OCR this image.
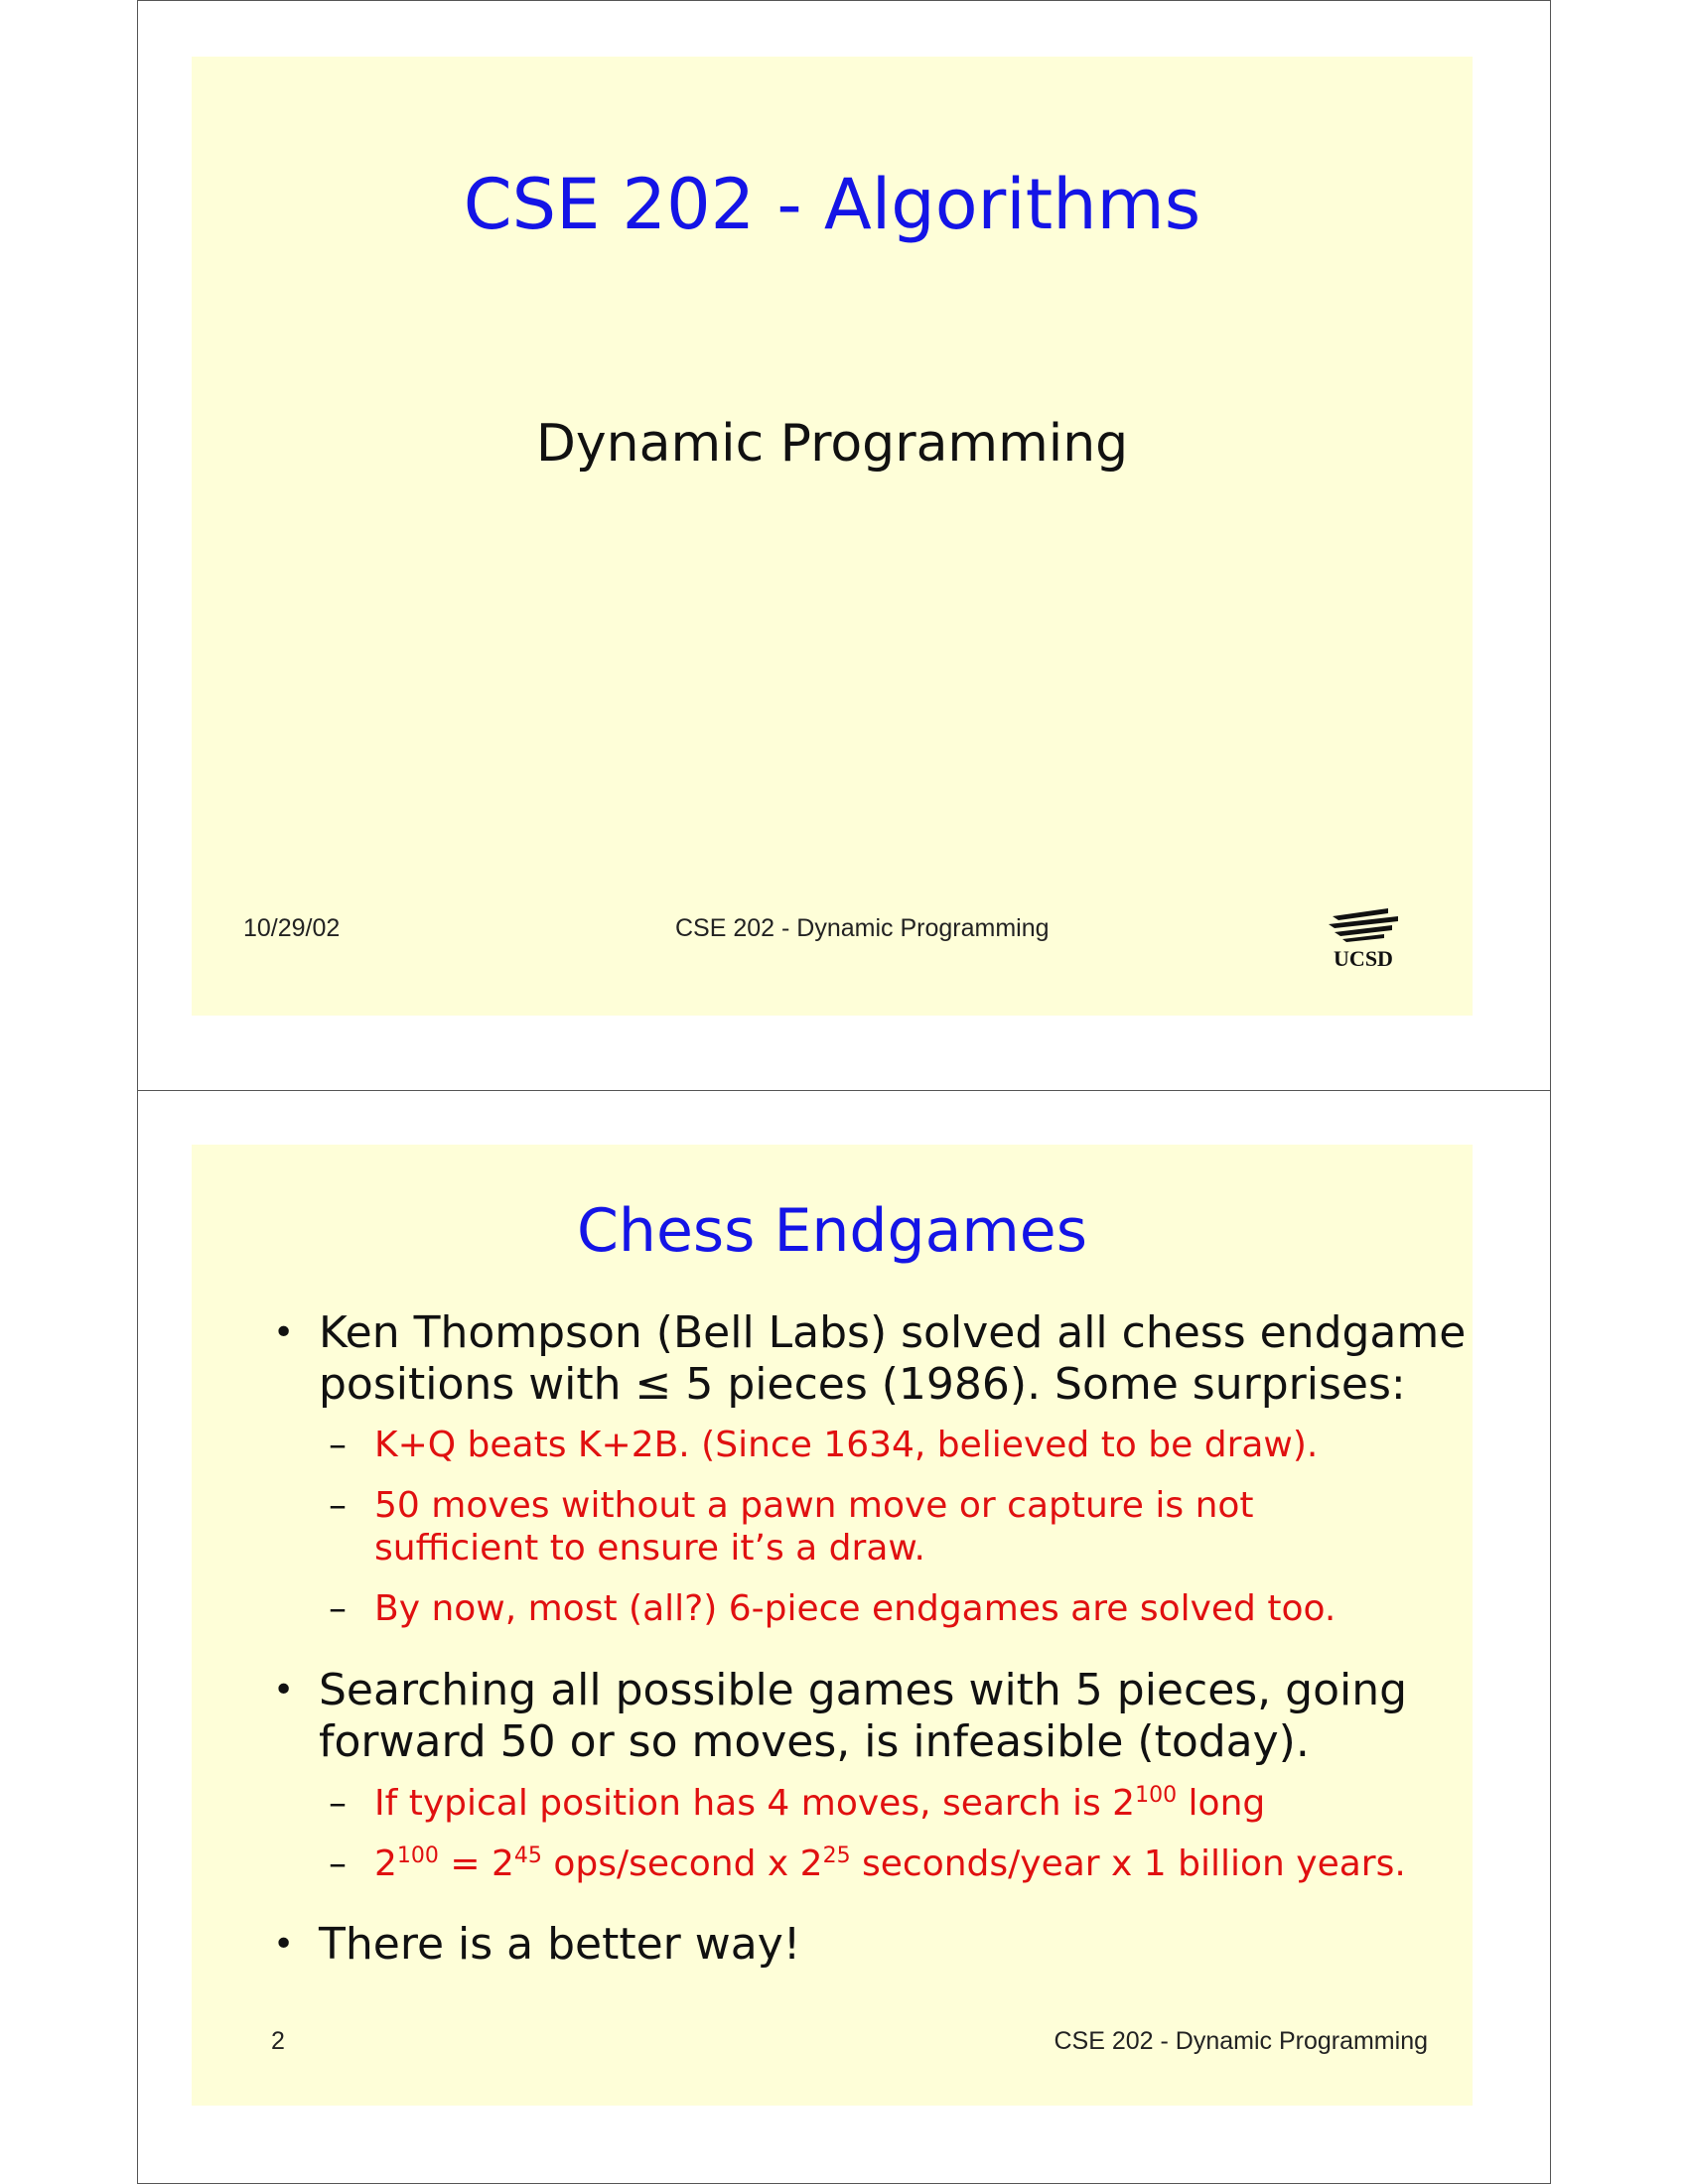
CSE 202 - Algorithms
Dynamic Programming
10/29/02	CSE 202 - Dynamic Programming
UCSD
Chess Endgames
• Ken Thompson (Bell Labs) solved all chess endgame
positions with ≤ 5 pieces (1986). Some surprises:
– K+Q beats K+2B. (Since 1634, believed to be draw).
– 50 moves without a pawn move or capture is not
sufficient to ensure it’s a draw.
– By now, most (all?) 6-piece endgames are solved too.
• Searching all possible games with 5 pieces, going
forward 50 or so moves, is infeasible (today).
– If typical position has 4 moves, search is $2^{100}$ long
– $2^{100} = 2^{45}$ ops/second x $2^{25}$ seconds/year x 1 billion years.
• There is a better way!
2	CSE 202 - Dynamic Programming
